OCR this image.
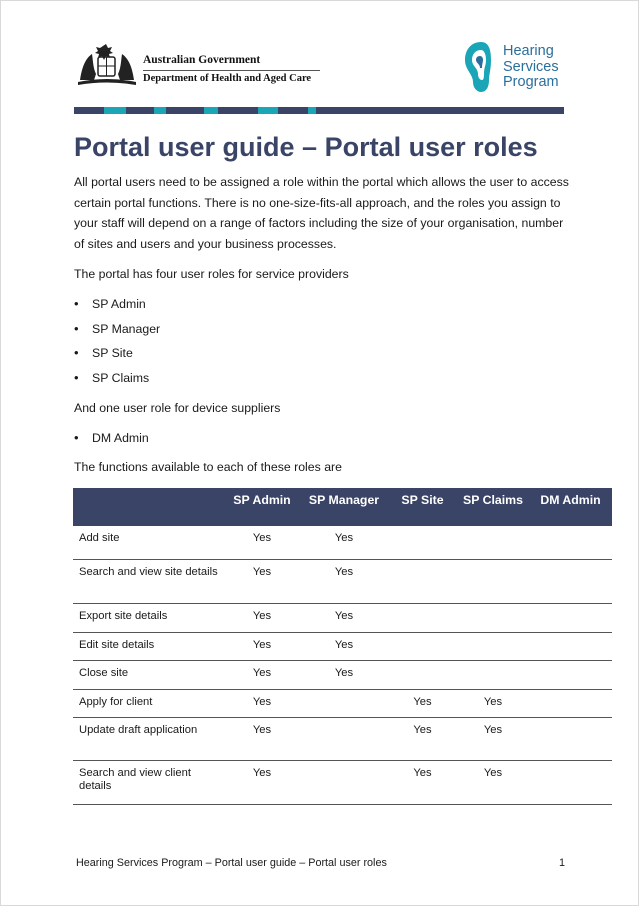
Australian Government
Department of Health and Aged Care
Hearing
Services
Program
Portal user guide – Portal user roles

All portal users need to be assigned a role within the portal which allows the user to access certain portal functions. There is no one-size-fits-all approach, and the roles you assign to your staff will depend on a range of factors including the size of your organisation, number of sites and users and your business processes.

The portal has four user roles for service providers

• SP Admin
• SP Manager
• SP Site
• SP Claims

And one user role for device suppliers

• DM Admin

The functions available to each of these roles are

	SP Admin	SP Manager	SP Site	SP Claims	DM Admin
Add site	Yes	Yes			
Search and view site details	Yes	Yes			
Export site details	Yes	Yes			
Edit site details	Yes	Yes			
Close site	Yes	Yes			
Apply for client	Yes		Yes	Yes	
Update draft application	Yes		Yes	Yes	
Search and view client details	Yes		Yes	Yes	
Hearing Services Program – Portal user guide – Portal user roles	1
